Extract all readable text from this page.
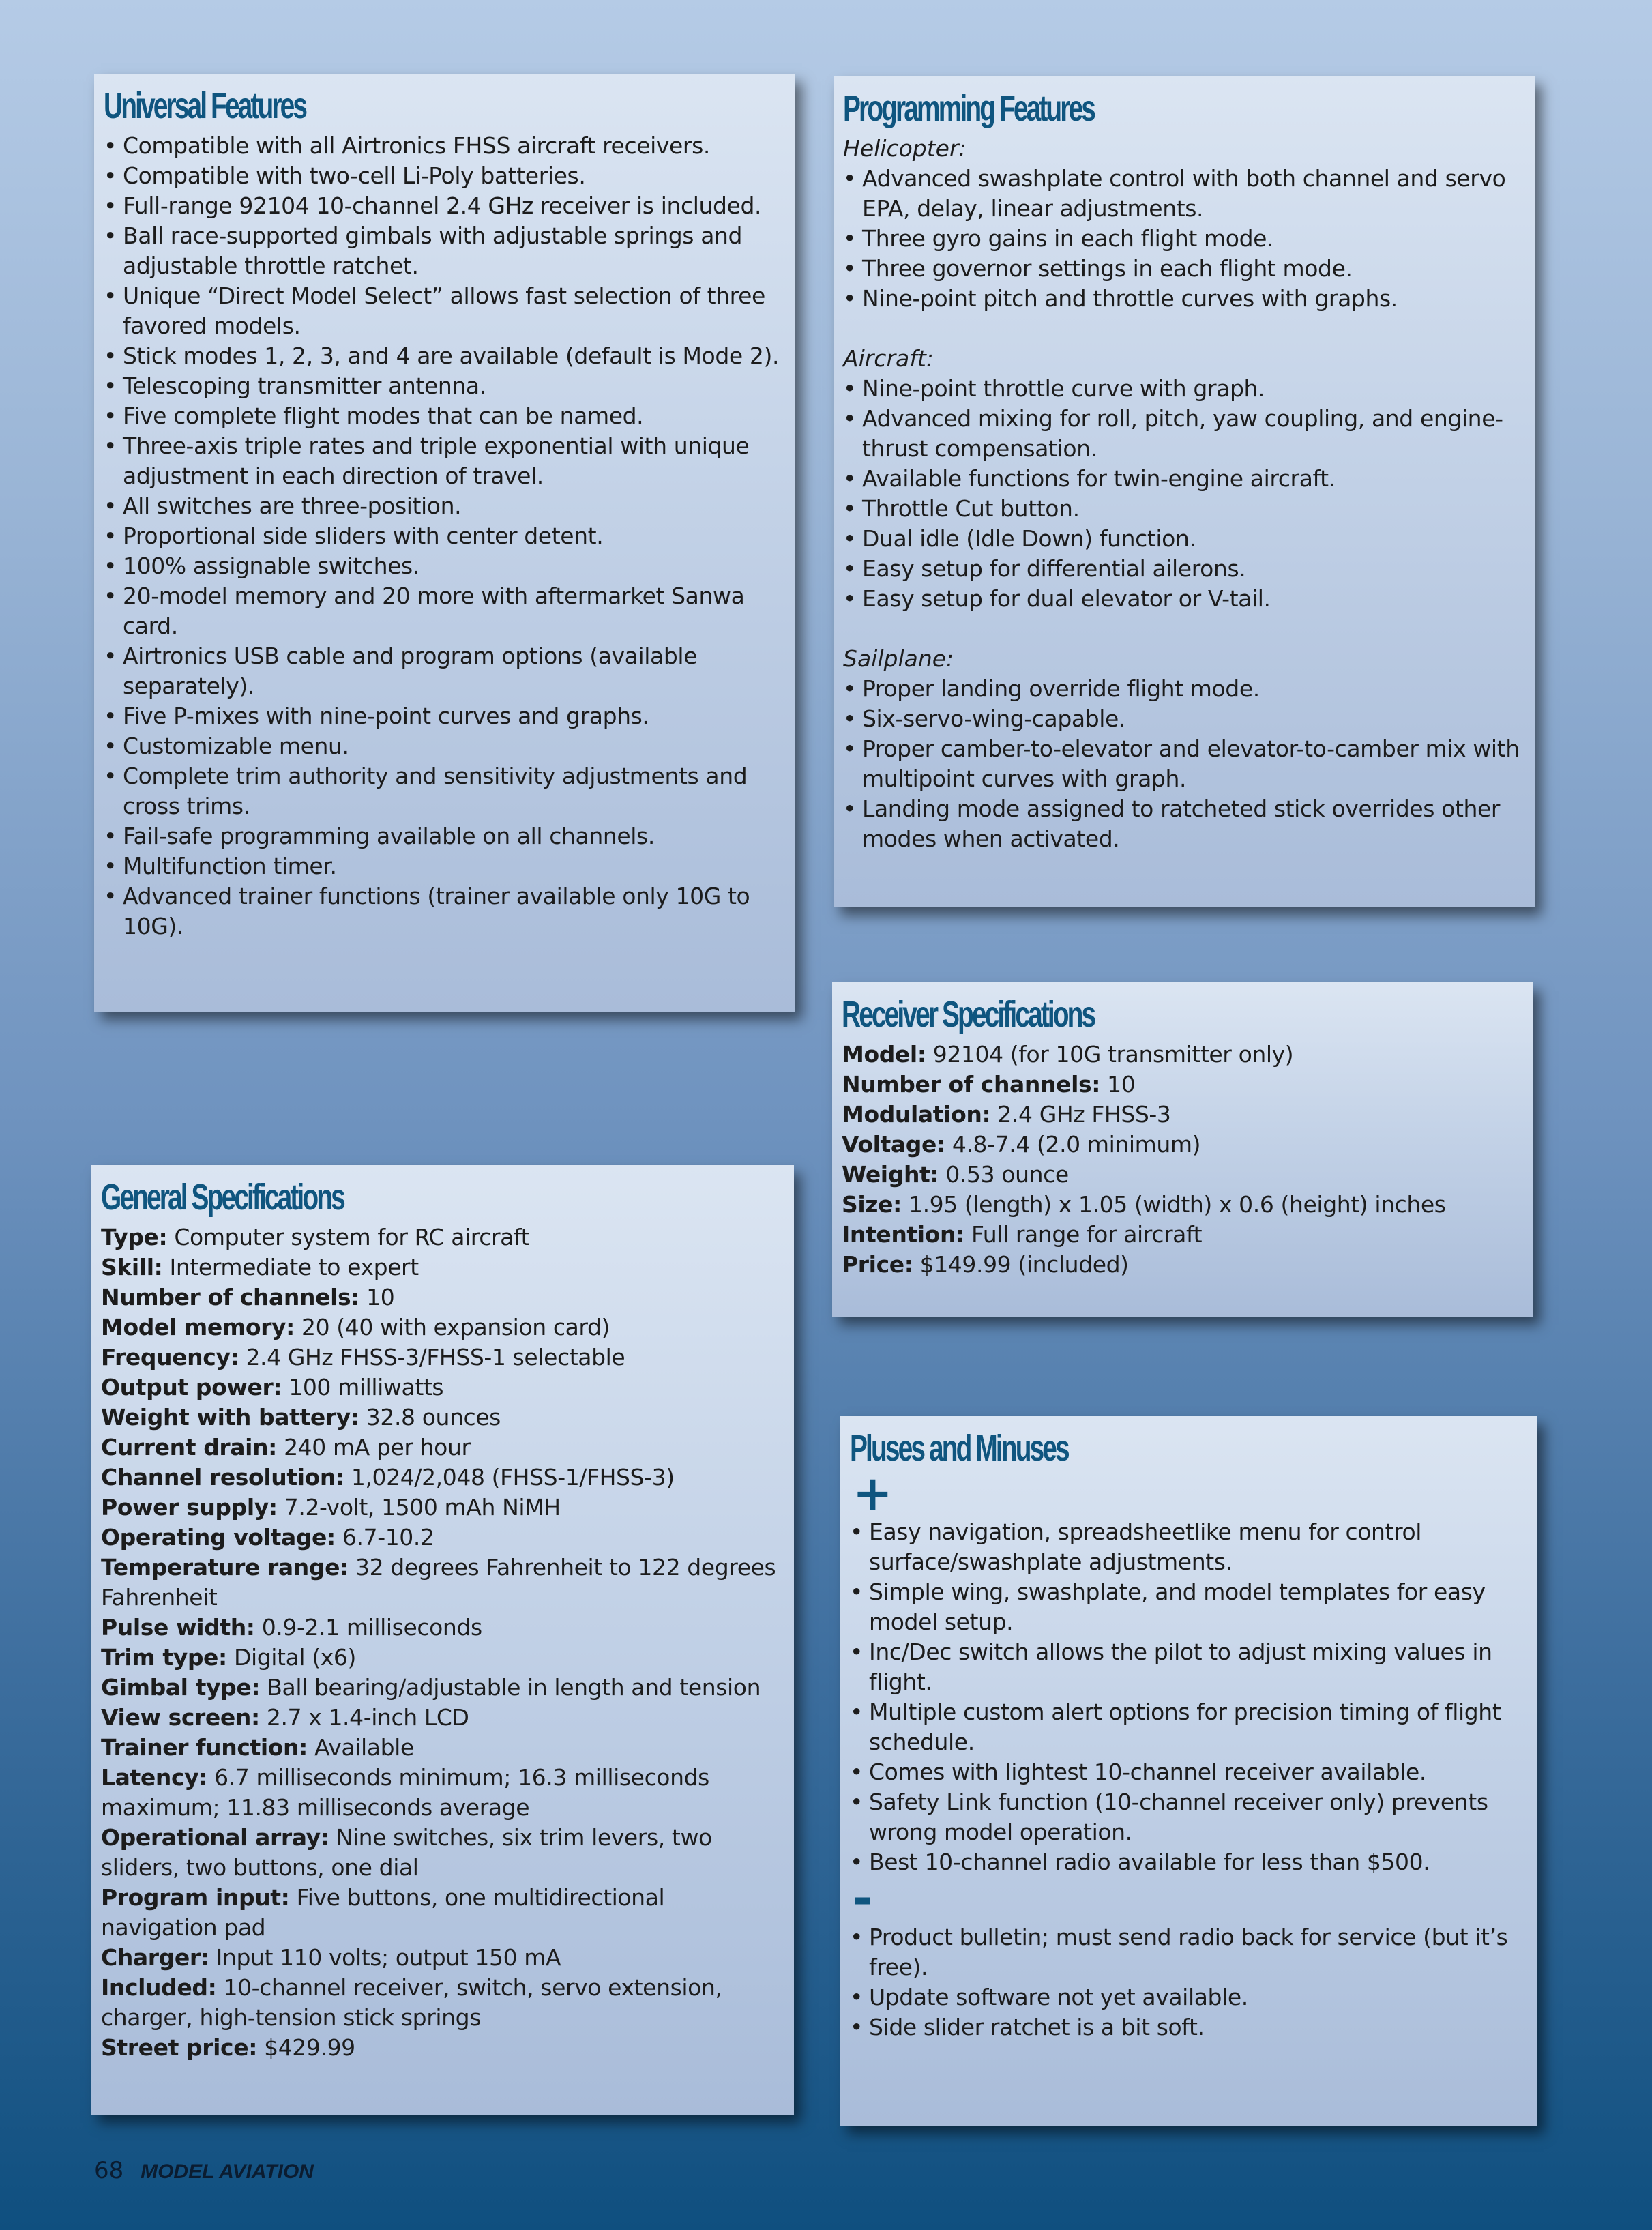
Universal Features
• Compatible with all Airtronics FHSS aircraft receivers.
• Compatible with two-cell Li-Poly batteries.
• Full-range 92104 10-channel 2.4 GHz receiver is included.
• Ball race-supported gimbals with adjustable springs and adjustable throttle ratchet.
• Unique “Direct Model Select” allows fast selection of three favored models.
• Stick modes 1, 2, 3, and 4 are available (default is Mode 2).
• Telescoping transmitter antenna.
• Five complete flight modes that can be named.
• Three-axis triple rates and triple exponential with unique adjustment in each direction of travel.
• All switches are three-position.
• Proportional side sliders with center detent.
• 100% assignable switches.
• 20-model memory and 20 more with aftermarket Sanwa card.
• Airtronics USB cable and program options (available separately).
• Five P-mixes with nine-point curves and graphs.
• Customizable menu.
• Complete trim authority and sensitivity adjustments and cross trims.
• Fail-safe programming available on all channels.
• Multifunction timer.
• Advanced trainer functions (trainer available only 10G to 10G).
Programming Features

Helicopter:

• Advanced swashplate control with both channel and servo EPA, delay, linear adjustments.
• Three gyro gains in each flight mode.
• Three governor settings in each flight mode.
• Nine-point pitch and throttle curves with graphs.

Aircraft:

• Nine-point throttle curve with graph.
• Advanced mixing for roll, pitch, yaw coupling, and engine-thrust compensation.
• Available functions for twin-engine aircraft.
• Throttle Cut button.
• Dual idle (Idle Down) function.
• Easy setup for differential ailerons.
• Easy setup for dual elevator or V-tail.

Sailplane:

• Proper landing override flight mode.
• Six-servo-wing-capable.
• Proper camber-to-elevator and elevator-to-camber mix with multipoint curves with graph.
• Landing mode assigned to ratcheted stick overrides other modes when activated.
Receiver Specifications

Model: 92104 (for 10G transmitter only)

Number of channels: 10

Modulation: 2.4 GHz FHSS-3

Voltage: 4.8-7.4 (2.0 minimum)

Weight: 0.53 ounce

Size: 1.95 (length) x 1.05 (width) x 0.6 (height) inches

Intention: Full range for aircraft

Price: $149.99 (included)

General Specifications

Type: Computer system for RC aircraft

Skill: Intermediate to expert

Number of channels: 10

Model memory: 20 (40 with expansion card)

Frequency: 2.4 GHz FHSS-3/FHSS-1 selectable

Output power: 100 milliwatts

Weight with battery: 32.8 ounces

Current drain: 240 mA per hour

Channel resolution: 1,024/2,048 (FHSS-1/FHSS-3)

Power supply: 7.2-volt, 1500 mAh NiMH

Operating voltage: 6.7-10.2

Temperature range: 32 degrees Fahrenheit to 122 degrees Fahrenheit

Pulse width: 0.9-2.1 milliseconds

Trim type: Digital (x6)

Gimbal type: Ball bearing/adjustable in length and tension

View screen: 2.7 x 1.4-inch LCD

Trainer function: Available

Latency: 6.7 milliseconds minimum; 16.3 milliseconds maximum; 11.83 milliseconds average

Operational array: Nine switches, six trim levers, two sliders, two buttons, one dial

Program input: Five buttons, one multidirectional navigation pad

Charger: Input 110 volts; output 150 mA

Included: 10-channel receiver, switch, servo extension, charger, high-tension stick springs

Street price: $429.99

Pluses and Minuses
+
• Easy navigation, spreadsheetlike menu for control surface/swashplate adjustments.
• Simple wing, swashplate, and model templates for easy model setup.
• Inc/Dec switch allows the pilot to adjust mixing values in flight.
• Multiple custom alert options for precision timing of flight schedule.
• Comes with lightest 10-channel receiver available.
• Safety Link function (10-channel receiver only) prevents wrong model operation.
• Best 10-channel radio available for less than $500.
-
• Product bulletin; must send radio back for service (but it’s free).
• Update software not yet available.
• Side slider ratchet is a bit soft.
68 MODEL AVIATION
